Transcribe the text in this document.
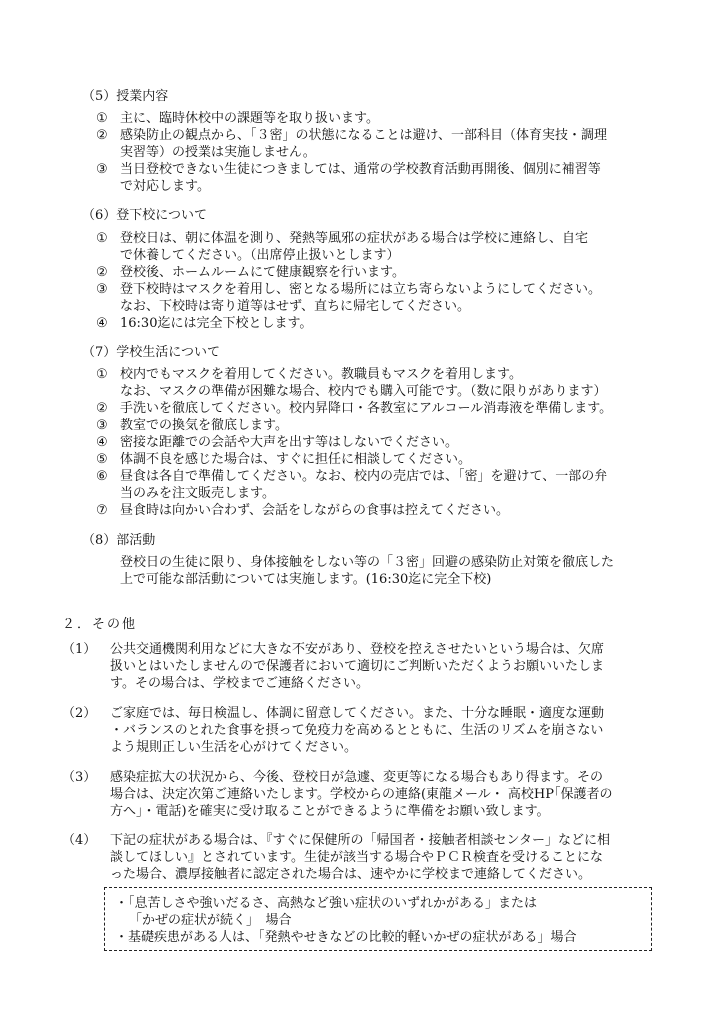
（5）授業内容
① 主に、臨時休校中の課題等を取り扱います。
② 感染防止の観点から、「３密」の状態になることは避け、一部科目（体育実技・調理
実習等）の授業は実施しません。
③ 当日登校できない生徒につきましては、通常の学校教育活動再開後、個別に補習等
で対応します。
（6）登下校について
① 登校日は、朝に体温を測り、発熱等風邪の症状がある場合は学校に連絡し、自宅
で休養してください。（出席停止扱いとします）
② 登校後、ホームルームにて健康観察を行います。
③ 登下校時はマスクを着用し、密となる場所には立ち寄らないようにしてください。
なお、下校時は寄り道等はせず、直ちに帰宅してください。
④ 16:30迄には完全下校とします。
（7）学校生活について
① 校内でもマスクを着用してください。教職員もマスクを着用します。
なお、マスクの準備が困難な場合、校内でも購入可能です。（数に限りがあります）
② 手洗いを徹底してください。校内昇降口・各教室にアルコール消毒液を準備します。
③ 教室での換気を徹底します。
④ 密接な距離での会話や大声を出す等はしないでください。
⑤ 体調不良を感じた場合は、すぐに担任に相談してください。
⑥ 昼食は各自で準備してください。なお、校内の売店では、「密」を避けて、一部の弁
当のみを注文販売します。
⑦ 昼食時は向かい合わず、会話をしながらの食事は控えてください。
（8）部活動
登校日の生徒に限り、身体接触をしない等の「３密」回避の感染防止対策を徹底した
上で可能な部活動については実施します。(16:30迄に完全下校)
２．その他
（1）	公共交通機関利用などに大きな不安があり、登校を控えさせたいという場合は、欠席
扱いとはいたしませんので保護者において適切にご判断いただくようお願いいたしま
す。その場合は、学校までご連絡ください。
（2）	ご家庭では、毎日検温し、体調に留意してください。また、十分な睡眠・適度な運動
・バランスのとれた食事を摂って免疫力を高めるとともに、生活のリズムを崩さない
よう規則正しい生活を心がけてください。
（3）	感染症拡大の状況から、今後、登校日が急遽、変更等になる場合もあり得ます。その
場合は、決定次第ご連絡いたします。学校からの連絡(東龍メール・ 高校HP｢保護者の
方へ｣・電話)を確実に受け取ることができるように準備をお願い致します。
（4）	下記の症状がある場合は、『すぐに保健所の「帰国者・接触者相談センター」などに相
談してほしい』とされています。生徒が該当する場合やＰＣＲ検査を受けることにな
った場合、濃厚接触者に認定された場合は、速やかに学校まで連絡してください。
・「息苦しさや強いだるさ、高熱など強い症状のいずれかがある」または
「かぜの症状が続く」　場合
・基礎疾患がある人は、「発熱やせきなどの比較的軽いかぜの症状がある」場合
